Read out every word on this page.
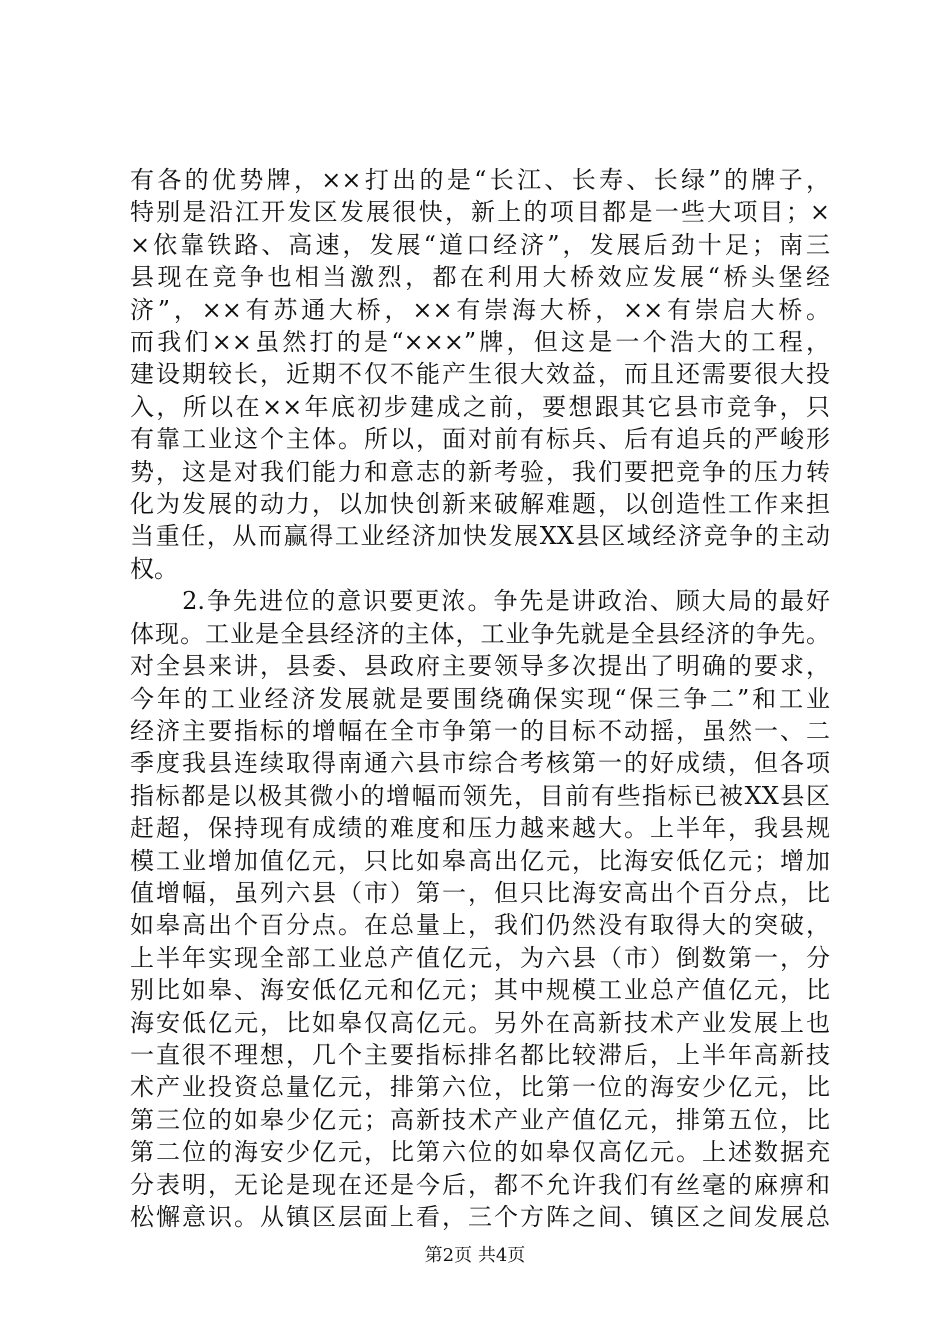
有各的优势牌，××打出的是“长江、长寿、长绿”的牌子，
特别是沿江开发区发展很快，新上的项目都是一些大项目；×
×依靠铁路、高速，发展“道口经济”，发展后劲十足；南三
县现在竞争也相当激烈，都在利用大桥效应发展“桥头堡经
济”，××有苏通大桥，××有崇海大桥，××有崇启大桥。
而我们××虽然打的是“×××”牌，但这是一个浩大的工程，
建设期较长，近期不仅不能产生很大效益，而且还需要很大投
入，所以在××年底初步建成之前，要想跟其它县市竞争，只
有靠工业这个主体。所以，面对前有标兵、后有追兵的严峻形
势，这是对我们能力和意志的新考验，我们要把竞争的压力转
化为发展的动力，以加快创新来破解难题，以创造性工作来担
当重任，从而赢得工业经济加快发展XX县区域经济竞争的主动
权。
　　2.争先进位的意识要更浓。争先是讲政治、顾大局的最好
体现。工业是全县经济的主体，工业争先就是全县经济的争先。
对全县来讲，县委、县政府主要领导多次提出了明确的要求，
今年的工业经济发展就是要围绕确保实现“保三争二”和工业
经济主要指标的增幅在全市争第一的目标不动摇，虽然一、二
季度我县连续取得南通六县市综合考核第一的好成绩，但各项
指标都是以极其微小的增幅而领先，目前有些指标已被XX县区
赶超，保持现有成绩的难度和压力越来越大。上半年，我县规
模工业增加值亿元，只比如皋高出亿元，比海安低亿元；增加
值增幅，虽列六县（市）第一，但只比海安高出个百分点，比
如皋高出个百分点。在总量上，我们仍然没有取得大的突破，
上半年实现全部工业总产值亿元，为六县（市）倒数第一，分
别比如皋、海安低亿元和亿元；其中规模工业总产值亿元，比
海安低亿元，比如皋仅高亿元。另外在高新技术产业发展上也
一直很不理想，几个主要指标排名都比较滞后，上半年高新技
术产业投资总量亿元，排第六位，比第一位的海安少亿元，比
第三位的如皋少亿元；高新技术产业产值亿元，排第五位，比
第二位的海安少亿元，比第六位的如皋仅高亿元。上述数据充
分表明，无论是现在还是今后，都不允许我们有丝毫的麻痹和
松懈意识。从镇区层面上看，三个方阵之间、镇区之间发展总
第2页 共4页
